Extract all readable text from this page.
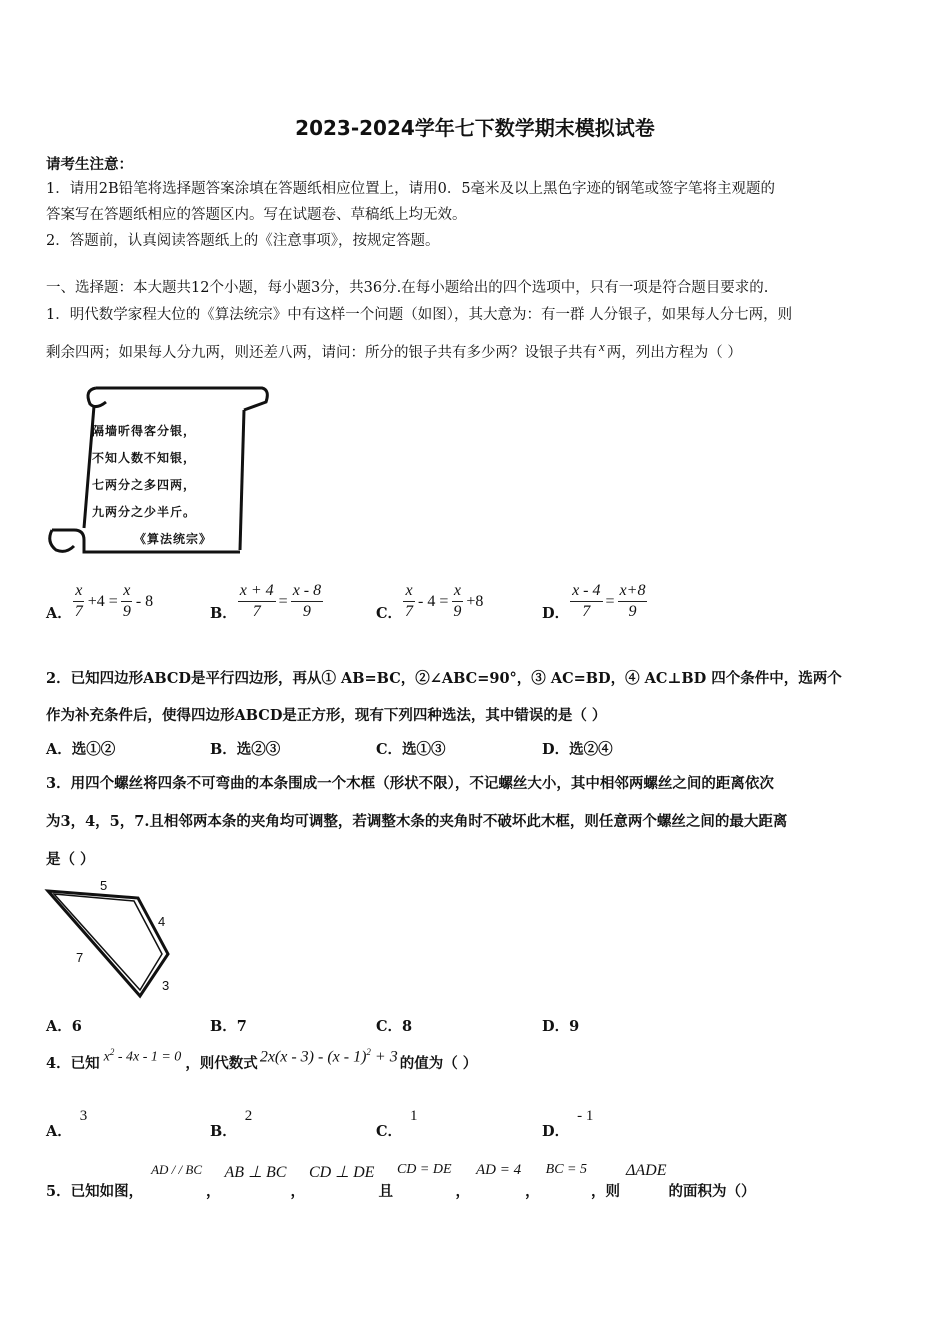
2023-2024学年七下数学期末模拟试卷
请考生注意：
1．请用2B铅笔将选择题答案涂填在答题纸相应位置上，请用0．5毫米及以上黑色字迹的钢笔或签字笔将主观题的
答案写在答题纸相应的答题区内。写在试题卷、草稿纸上均无效。
2．答题前，认真阅读答题纸上的《注意事项》，按规定答题。
一、选择题：本大题共12个小题，每小题3分，共36分.在每小题给出的四个选项中，只有一项是符合题目要求的.
1．明代数学家程大位的《算法统宗》中有这样一个问题（如图），其大意为：有一群 人分银子，如果每人分七两，则
剩余四两；如果每人分九两，则还差八两，请问：所分的银子共有多少两？设银子共有 x 两，列出方程为（ ）
隔墙听得客分银，
不知人数不知银，
七两分之多四两，
九两分之少半斤。
《算法统宗》
A． $\frac{x}{7} +4 = \frac{x}{9} - 8$
B． $\frac{x + 4}{7} = \frac{x - 8}{9}$	C． $\frac{x}{7} - 4 = \frac{x}{9} +8$
D． $\frac{x - 4}{7} = \frac{x+8}{9}$
2．已知四边形ABCD是平行四边形，再从① AB=BC，②∠ABC=90°，③ AC=BD，④ AC⊥BD 四个条件中，选两个
作为补充条件后，使得四边形ABCD是正方形，现有下列四种选法，其中错误的是（ ）
A．选①②	B．选②③	C．选①③	D．选②④
3．用四个螺丝将四条不可弯曲的本条围成一个木框（形状不限），不记螺丝大小，其中相邻两螺丝之间的距离依次
为3，4，5，7.且相邻两本条的夹角均可调整，若调整木条的夹角时不破坏此木框，则任意两个螺丝之间的最大距离
是（ ）
5
4
7
3
A．6	B．7	C．8	D．9
4．已知 $x^2 - 4x - 1 = 0$ ，则代数式 2x(x - 3) - (x - 1)$^2$ + 3 的值为（ ）
A．3
B．2
C．1
D．- 1
5．已知如图，
AD / / BC
，
AB ⊥ BC
，
CD ⊥ DE
且
CD = DE
，
AD = 4
，
BC = 5
，则
ΔADE
的面积为（）
